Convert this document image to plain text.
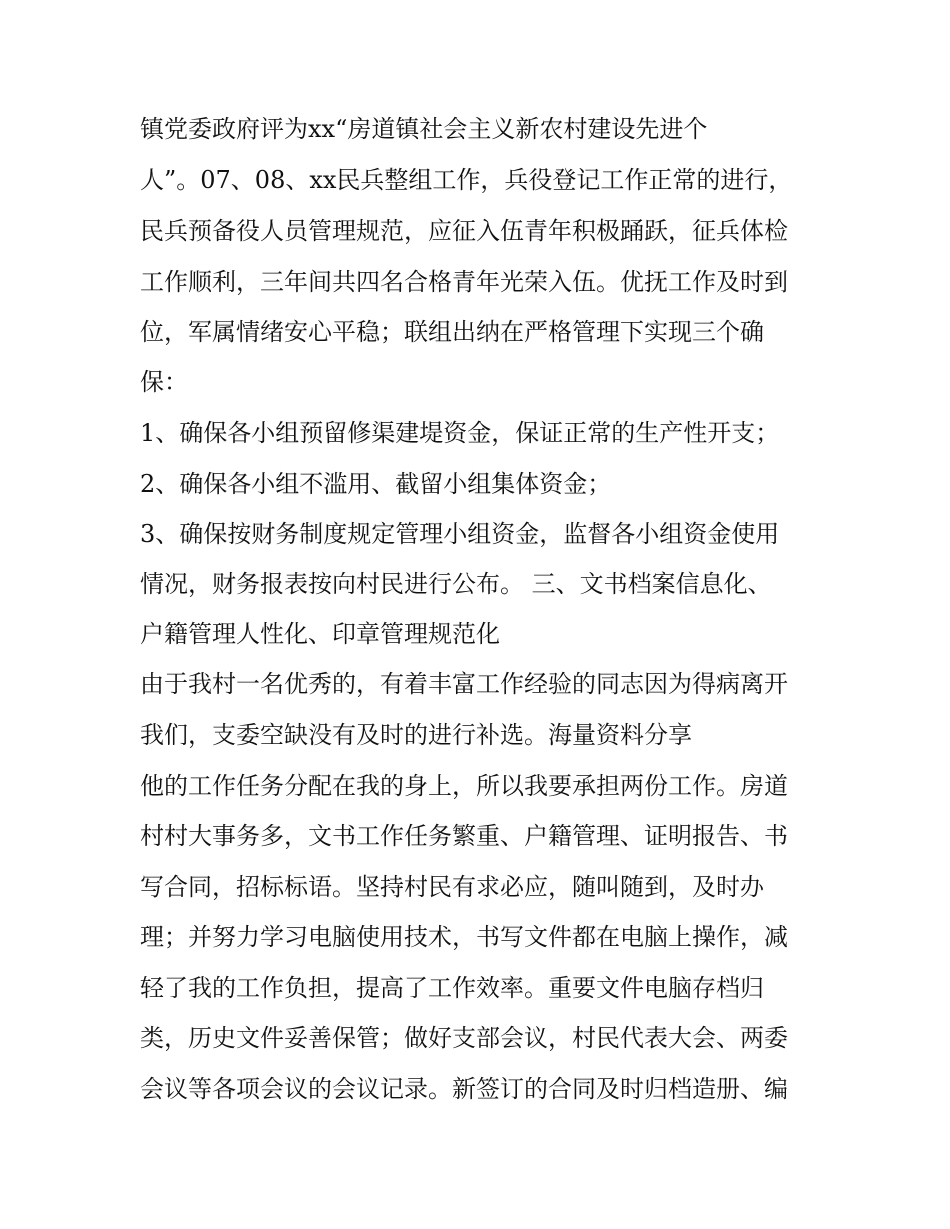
镇党委政府评为xx“房道镇社会主义新农村建设先进个
人”。07、08、xx民兵整组工作，兵役登记工作正常的进行，
民兵预备役人员管理规范，应征入伍青年积极踊跃，征兵体检
工作顺利，三年间共四名合格青年光荣入伍。优抚工作及时到
位，军属情绪安心平稳；联组出纳在严格管理下实现三个确
保：
1、确保各小组预留修渠建堤资金，保证正常的生产性开支；
2、确保各小组不滥用、截留小组集体资金；
3、确保按财务制度规定管理小组资金，监督各小组资金使用
情况，财务报表按向村民进行公布。 三、文书档案信息化、
户籍管理人性化、印章管理规范化
由于我村一名优秀的，有着丰富工作经验的同志因为得病离开
我们，支委空缺没有及时的进行补选。海量资料分享
他的工作任务分配在我的身上，所以我要承担两份工作。房道
村村大事务多，文书工作任务繁重、户籍管理、证明报告、书
写合同，招标标语。坚持村民有求必应，随叫随到，及时办
理；并努力学习电脑使用技术，书写文件都在电脑上操作，减
轻了我的工作负担，提高了工作效率。重要文件电脑存档归
类，历史文件妥善保管；做好支部会议，村民代表大会、两委
会议等各项会议的会议记录。新签订的合同及时归档造册、编
